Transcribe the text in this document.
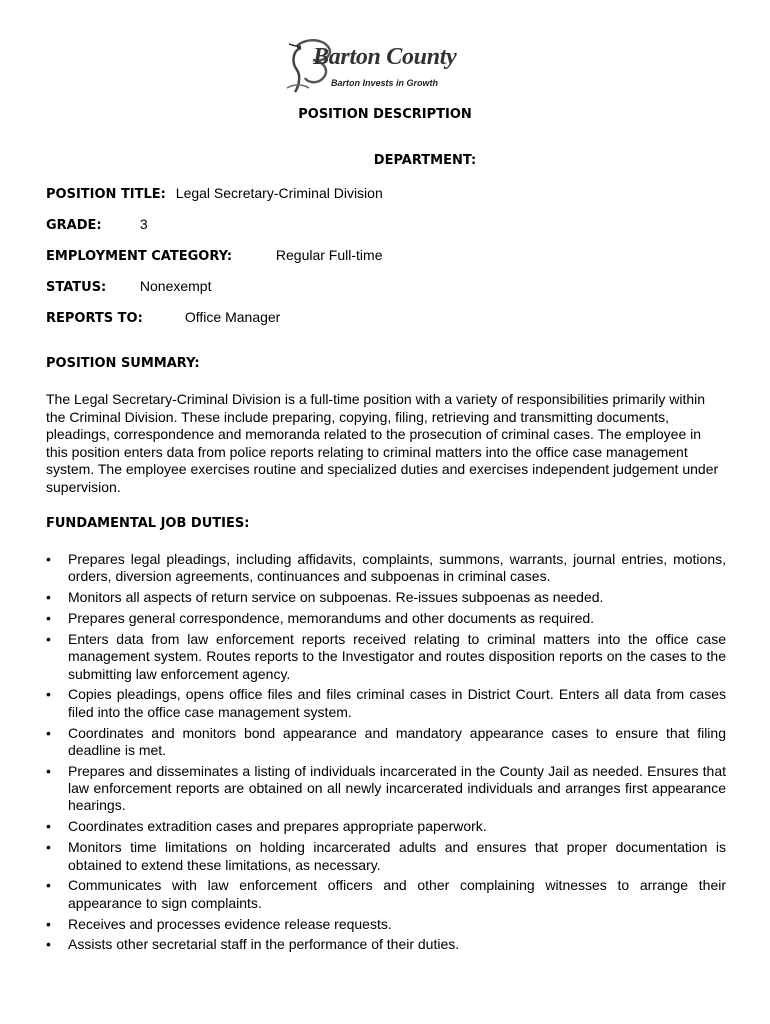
Barton County
Barton Invests in Growth
POSITION DESCRIPTION
DEPARTMENT:
POSITION TITLE: Legal Secretary-Criminal Division
GRADE:	3
EMPLOYMENT CATEGORY:	Regular Full-time
STATUS: Nonexempt
REPORTS TO:	Office Manager
POSITION SUMMARY:
The Legal Secretary-Criminal Division is a full-time position with a variety of responsibilities primarily within the Criminal Division. These include preparing, copying, filing, retrieving and transmitting documents, pleadings, correspondence and memoranda related to the prosecution of criminal cases. The employee in this position enters data from police reports relating to criminal matters into the office case management system. The employee exercises routine and specialized duties and exercises independent judgement under supervision.
FUNDAMENTAL JOB DUTIES:
• Prepares legal pleadings, including affidavits, complaints, summons, warrants, journal entries, motions, orders, diversion agreements, continuances and subpoenas in criminal cases.
• Monitors all aspects of return service on subpoenas. Re-issues subpoenas as needed.
• Prepares general correspondence, memorandums and other documents as required.
• Enters data from law enforcement reports received relating to criminal matters into the office case management system. Routes reports to the Investigator and routes disposition reports on the cases to the submitting law enforcement agency.
• Copies pleadings, opens office files and files criminal cases in District Court. Enters all data from cases filed into the office case management system.
• Coordinates and monitors bond appearance and mandatory appearance cases to ensure that filing deadline is met.
• Prepares and disseminates a listing of individuals incarcerated in the County Jail as needed. Ensures that law enforcement reports are obtained on all newly incarcerated individuals and arranges first appearance hearings.
• Coordinates extradition cases and prepares appropriate paperwork.
• Monitors time limitations on holding incarcerated adults and ensures that proper documentation is obtained to extend these limitations, as necessary.
• Communicates with law enforcement officers and other complaining witnesses to arrange their appearance to sign complaints.
• Receives and processes evidence release requests.
• Assists other secretarial staff in the performance of their duties.
